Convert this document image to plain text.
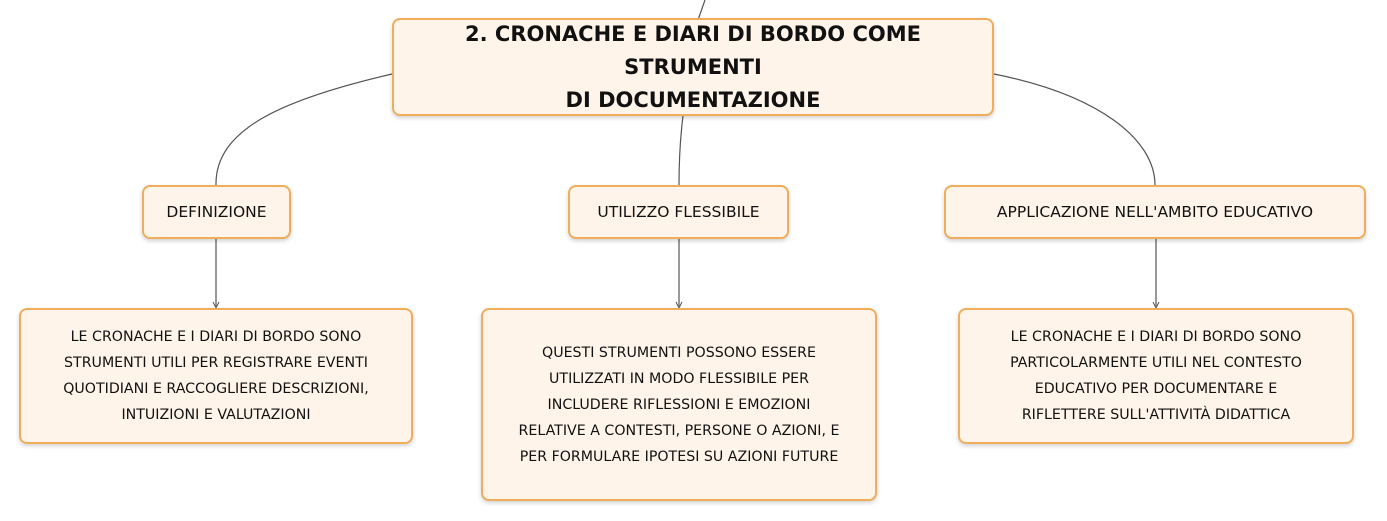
2. CRONACHE E DIARI DI BORDO COME STRUMENTI
DI DOCUMENTAZIONE
DEFINIZIONE	UTILIZZO FLESSIBILE	APPLICAZIONE NELL'AMBITO EDUCATIVO
LE CRONACHE E I DIARI DI BORDO SONO
STRUMENTI UTILI PER REGISTRARE EVENTI
QUOTIDIANI E RACCOGLIERE DESCRIZIONI,
INTUIZIONI E VALUTAZIONI
QUESTI STRUMENTI POSSONO ESSERE
UTILIZZATI IN MODO FLESSIBILE PER
INCLUDERE RIFLESSIONI E EMOZIONI
RELATIVE A CONTESTI, PERSONE O AZIONI, E
PER FORMULARE IPOTESI SU AZIONI FUTURE
LE CRONACHE E I DIARI DI BORDO SONO
PARTICOLARMENTE UTILI NEL CONTESTO
EDUCATIVO PER DOCUMENTARE E
RIFLETTERE SULL'ATTIVITÀ DIDATTICA
